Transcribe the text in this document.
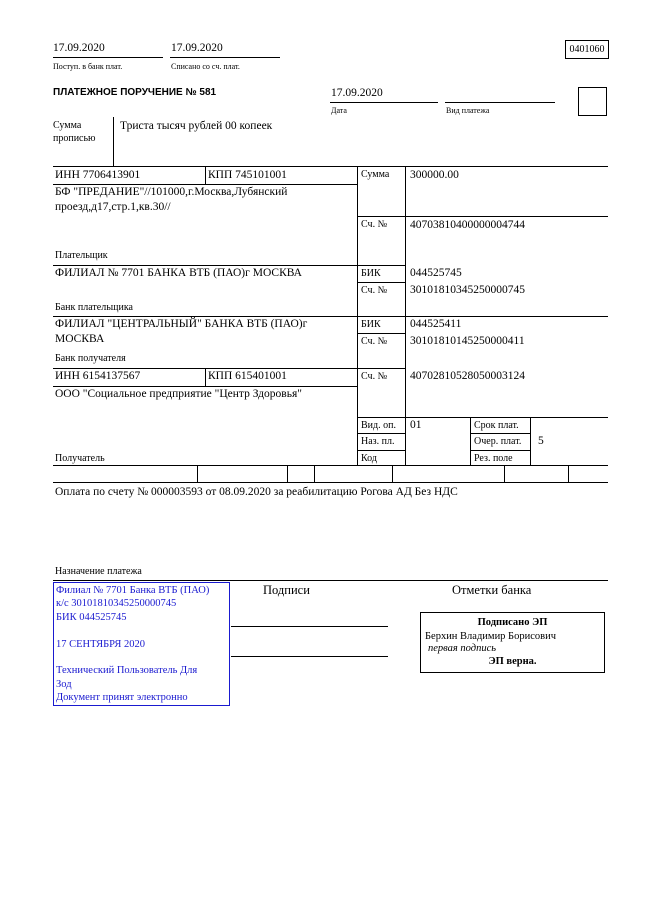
17.09.2020
Поступ. в банк плат.
17.09.2020
Списано со сч. плат.
0401060
ПЛАТЕЖНОЕ ПОРУЧЕНИЕ № 581	17.09.2020
Дата	Вид платежа
Сумма
прописью
Триста тысяч рублей 00 копеек
ИНН 7706413901	КПП 745101001
БФ "ПРЕДАНИЕ"//101000,г.Москва,Лубянский
проезд,д17,стр.1,кв.30//
Плательщик
Сумма 300000.00
Сч. № 40703810400000004744
ФИЛИАЛ № 7701 БАНКА ВТБ (ПАО)г МОСКВА
Банк плательщика
БИК	044525745
Сч. № 30101810345250000745
ФИЛИАЛ "ЦЕНТРАЛЬНЫЙ" БАНКА ВТБ (ПАО)г
МОСКВА
Банк получателя
БИК	044525411
Сч. № 30101810145250000411
ИНН 6154137567	КПП 615401001
ООО "Социальное предприятие "Центр Здоровья"
Получатель
Сч. № 40702810528050003124
Вид. оп. 01
Наз. пл.
Код
Срок плат.
Очер. плат. 5
Рез. поле
Оплата по счету № 000003593 от 08.09.2020 за реабилитацию Рогова АД Без НДС
Назначение платежа
Филиал № 7701 Банка ВТБ (ПАО)
к/с 30101810345250000745
БИК 044525745
17 СЕНТЯБРЯ 2020
Технический Пользователь Для
Зод
Документ принят электронно
Подписи	Отметки банка
Подписано ЭП
Берхин Владимир Борисович
первая подпись
ЭП верна.
